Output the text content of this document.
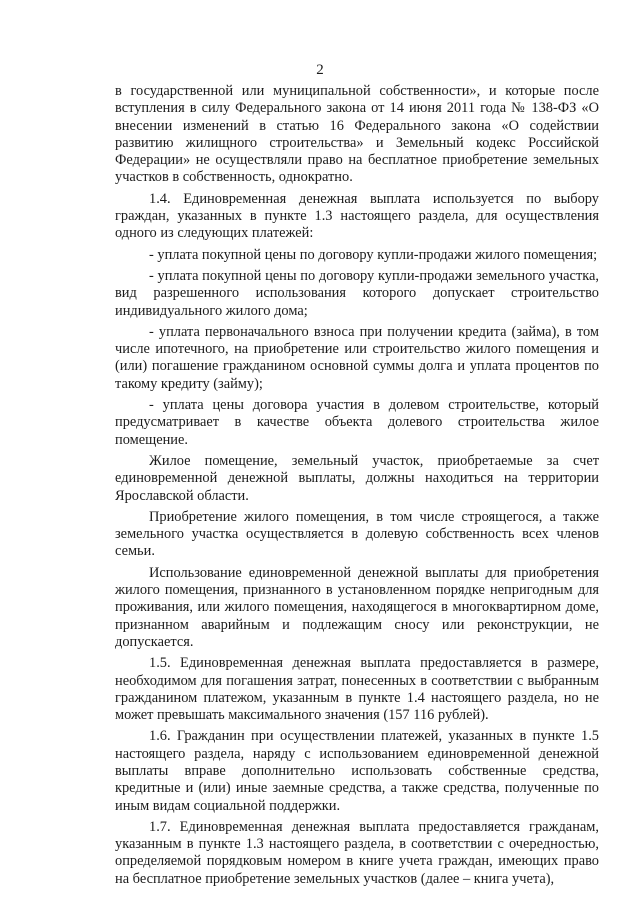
2

в государственной или муниципальной собственности», и которые после вступления в силу Федерального закона от 14 июня 2011 года № 138-ФЗ «О внесении изменений в статью 16 Федерального закона «О содействии развитию жилищного строительства» и Земельный кодекс Российской Федерации» не осуществляли право на бесплатное приобретение земельных участков в собственность, однократно.

1.4. Единовременная денежная выплата используется по выбору граждан, указанных в пункте 1.3 настоящего раздела, для осуществления одного из следующих платежей:

- уплата покупной цены по договору купли-продажи жилого помещения;

- уплата покупной цены по договору купли-продажи земельного участка, вид разрешенного использования которого допускает строительство индивидуального жилого дома;

- уплата первоначального взноса при получении кредита (займа), в том числе ипотечного, на приобретение или строительство жилого помещения и (или) погашение гражданином основной суммы долга и уплата процентов по такому кредиту (займу);

- уплата цены договора участия в долевом строительстве, который предусматривает в качестве объекта долевого строительства жилое помещение.

Жилое помещение, земельный участок, приобретаемые за счет единовременной денежной выплаты, должны находиться на территории Ярославской области.

Приобретение жилого помещения, в том числе строящегося, а также земельного участка осуществляется в долевую собственность всех членов семьи.

Использование единовременной денежной выплаты для приобретения жилого помещения, признанного в установленном порядке непригодным для проживания, или жилого помещения, находящегося в многоквартирном доме, признанном аварийным и подлежащим сносу или реконструкции, не допускается.

1.5. Единовременная денежная выплата предоставляется в размере, необходимом для погашения затрат, понесенных в соответствии с выбранным гражданином платежом, указанным в пункте 1.4 настоящего раздела, но не может превышать максимального значения (157 116 рублей).

1.6. Гражданин при осуществлении платежей, указанных в пункте 1.5 настоящего раздела, наряду с использованием единовременной денежной выплаты вправе дополнительно использовать собственные средства, кредитные и (или) иные заемные средства, а также средства, полученные по иным видам социальной поддержки.

1.7. Единовременная денежная выплата предоставляется гражданам, указанным в пункте 1.3 настоящего раздела, в соответствии с очередностью, определяемой порядковым номером в книге учета граждан, имеющих право на бесплатное приобретение земельных участков (далее – книга учета),
